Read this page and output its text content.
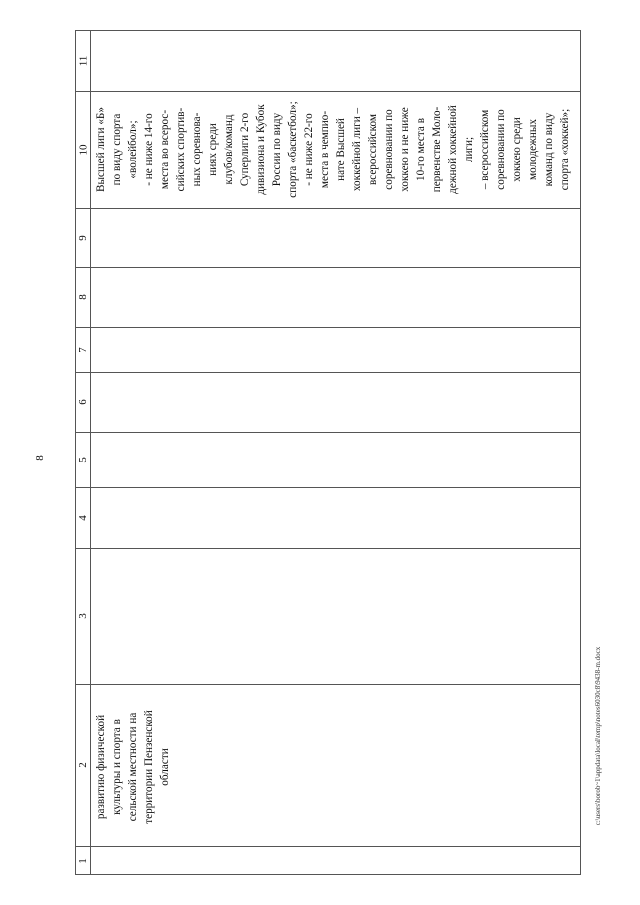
8
1
2
3
4
5
6
7
8
9
10
11
развитию физической культуры и спорта в сельской местности на территории Пензенской области
Высшей лиги «Б» по виду спорта «волейбол»; - не ниже 14-го места во всерос- сийских спортив- ных соревнова- ниях среди клубов/команд Суперлиги 2-го дивизиона и Кубок России по виду спорта «баскетбол»; - не ниже 22-го места в чемпио- нате Высшей хоккейной лиги – всероссийском соревновании по хоккею и не ниже 10-го места в первенстве Моло- дежной хоккейной лиги; – всероссийском соревновании по хоккею среди молодежных команд по виду спорта «хоккей»;
c:\users\borob~1\appdata\local\temp\notes6030c8\9438-m.docx
